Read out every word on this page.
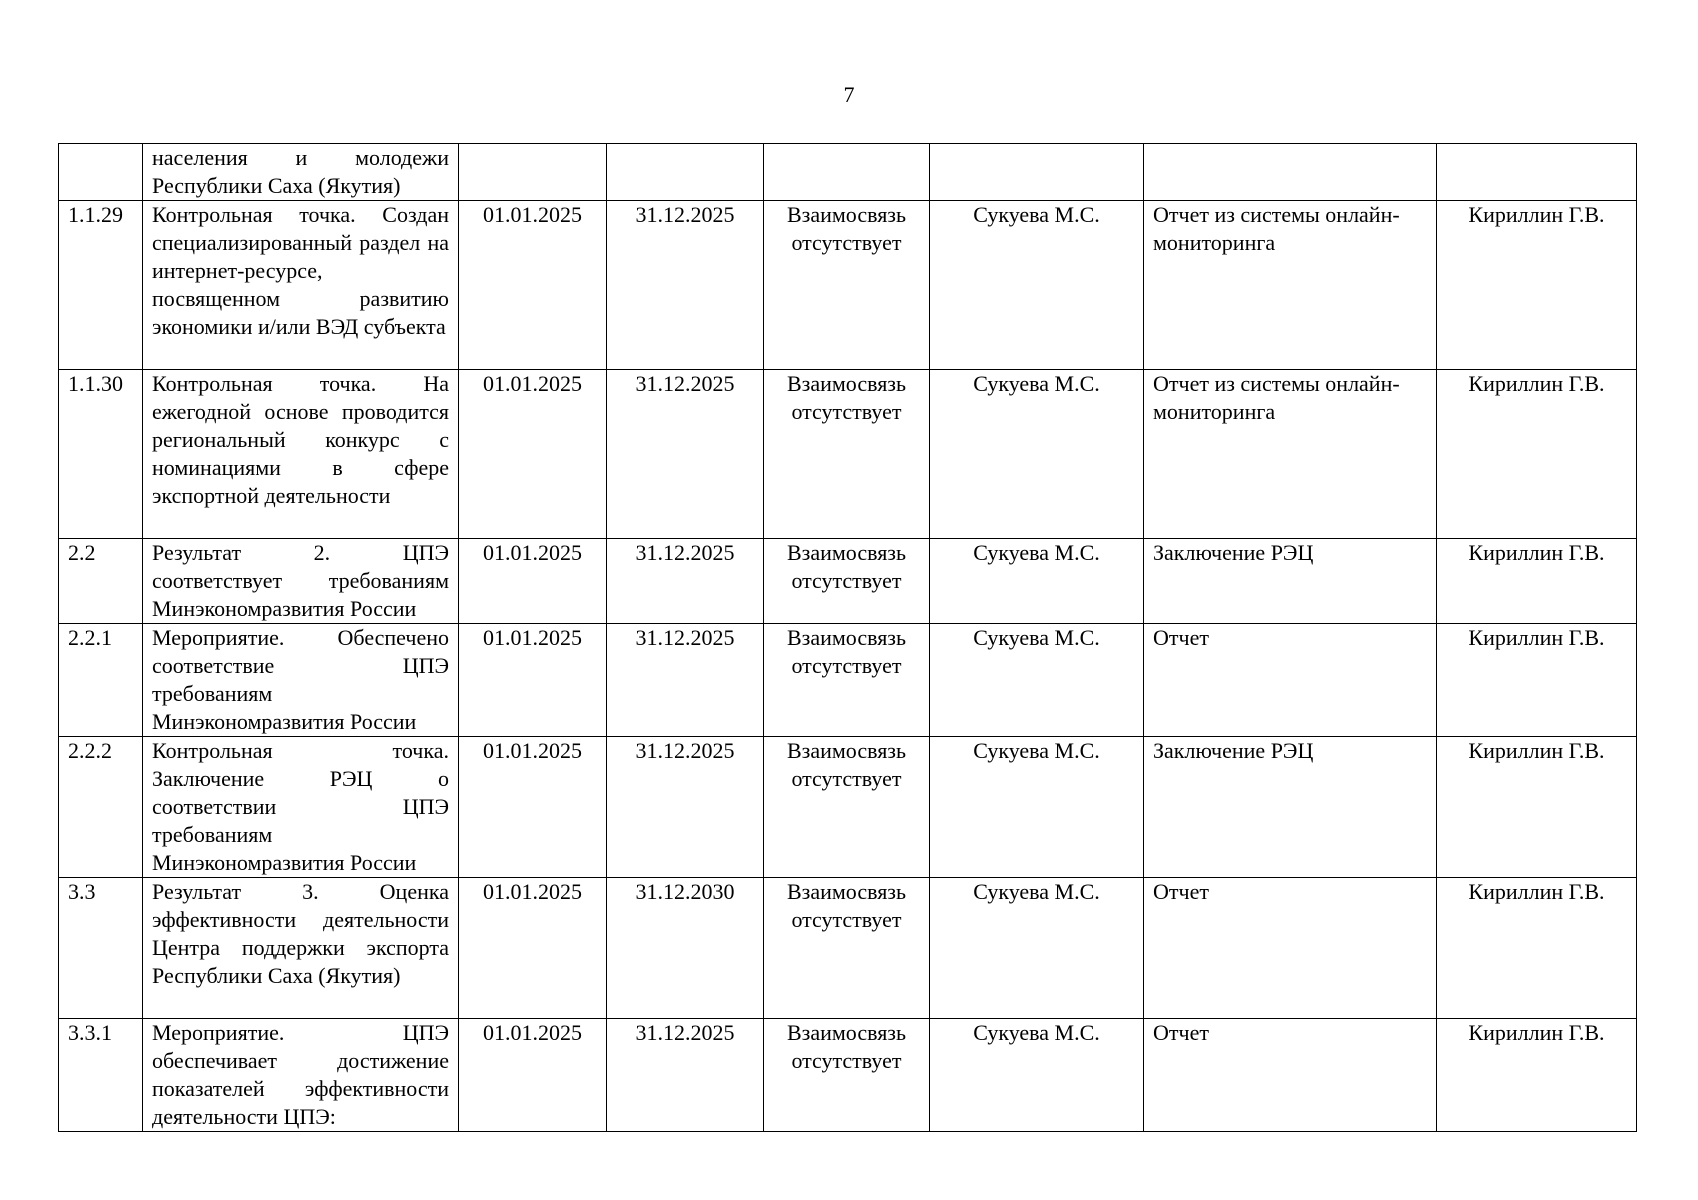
7
	населения и молодежи Республики Саха (Якутия)						
1.1.29	Контрольная точка. Создан специализированный раздел на интернет-ресурсе, посвященном развитию экономики и/или ВЭД субъекта	01.01.2025	31.12.2025	Взаимосвязь отсутствует	Сукуева М.С.	Отчет из системы онлайн-мониторинга	Кириллин Г.В.
1.1.30	Контрольная точка. На ежегодной основе проводится региональный конкурс с номинациями в сфере экспортной деятельности	01.01.2025	31.12.2025	Взаимосвязь отсутствует	Сукуева М.С.	Отчет из системы онлайн-мониторинга	Кириллин Г.В.
2.2	Результат 2. ЦПЭ соответствует требованиям Минэкономразвития России	01.01.2025	31.12.2025	Взаимосвязь отсутствует	Сукуева М.С.	Заключение РЭЦ	Кириллин Г.В.
2.2.1	Мероприятие. Обеспечено соответствие ЦПЭ требованиям Минэкономразвития России	01.01.2025	31.12.2025	Взаимосвязь отсутствует	Сукуева М.С.	Отчет	Кириллин Г.В.
2.2.2	Контрольная точка. Заключение РЭЦ о соответствии ЦПЭ требованиям Минэкономразвития России	01.01.2025	31.12.2025	Взаимосвязь отсутствует	Сукуева М.С.	Заключение РЭЦ	Кириллин Г.В.
3.3	Результат 3. Оценка эффективности деятельности Центра поддержки экспорта Республики Саха (Якутия)	01.01.2025	31.12.2030	Взаимосвязь отсутствует	Сукуева М.С.	Отчет	Кириллин Г.В.
3.3.1	Мероприятие. ЦПЭ обеспечивает достижение показателей эффективности деятельности ЦПЭ:	01.01.2025	31.12.2025	Взаимосвязь отсутствует	Сукуева М.С.	Отчет	Кириллин Г.В.
